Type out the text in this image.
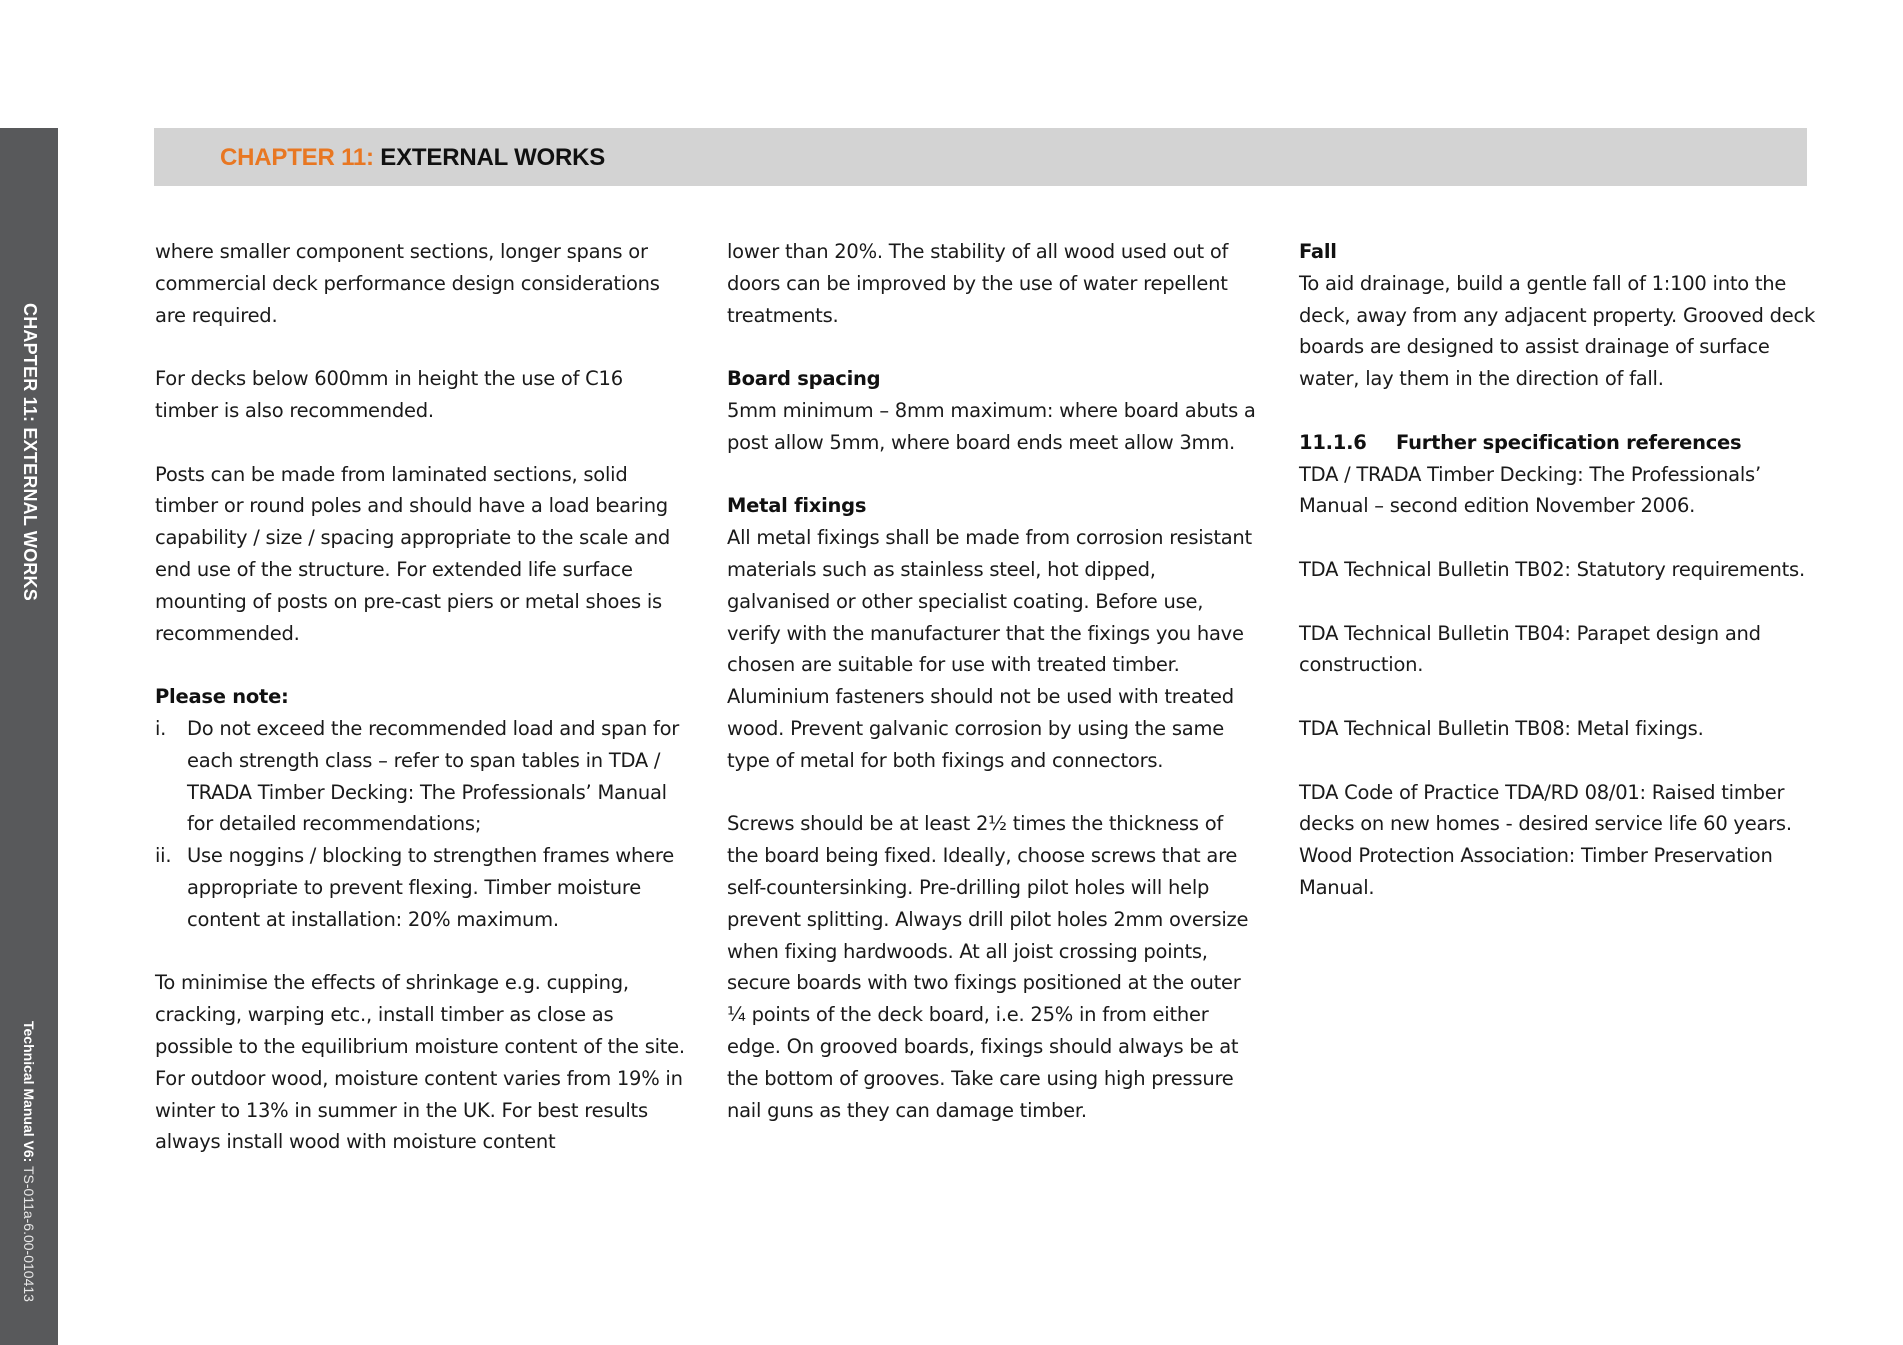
CHAPTER 11: EXTERNAL WORKS
Technical Manual V6: TS-011a-6.00-010413
CHAPTER 11: EXTERNAL WORKS

where smaller component sections, longer spans or commercial deck performance design considerations are required.

For decks below 600mm in height the use of C16 timber is also recommended.

Posts can be made from laminated sections, solid timber or round poles and should have a load bearing capability / size / spacing appropriate to the scale and end use of the structure. For extended life surface mounting of posts on pre-cast piers or metal shoes is recommended.

Please note:
i. Do not exceed the recommended load and span for each strength class – refer to span tables in TDA / TRADA Timber Decking: The Professionals’ Manual for detailed recommendations;
ii. Use noggins / blocking to strengthen frames where appropriate to prevent flexing. Timber moisture content at installation: 20% maximum.

To minimise the effects of shrinkage e.g. cupping, cracking, warping etc., install timber as close as possible to the equilibrium moisture content of the site. For outdoor wood, moisture content varies from 19% in winter to 13% in summer in the UK. For best results always install wood with moisture content

lower than 20%. The stability of all wood used out of doors can be improved by the use of water repellent treatments.

Board spacing

5mm minimum – 8mm maximum: where board abuts a post allow 5mm, where board ends meet allow 3mm.

Metal fixings

All metal fixings shall be made from corrosion resistant materials such as stainless steel, hot dipped, galvanised or other specialist coating. Before use, verify with the manufacturer that the fixings you have chosen are suitable for use with treated timber. Aluminium fasteners should not be used with treated wood. Prevent galvanic corrosion by using the same type of metal for both fixings and connectors.

Screws should be at least 2½ times the thickness of the board being fixed. Ideally, choose screws that are self-countersinking. Pre-drilling pilot holes will help prevent splitting. Always drill pilot holes 2mm oversize when fixing hardwoods. At all joist crossing points, secure boards with two fixings positioned at the outer ¼ points of the deck board, i.e. 25% in from either edge. On grooved boards, fixings should always be at the bottom of grooves. Take care using high pressure nail guns as they can damage timber.

Fall

To aid drainage, build a gentle fall of 1:100 into the deck, away from any adjacent property. Grooved deck boards are designed to assist drainage of surface water, lay them in the direction of fall.

11.1.6 Further specification references

TDA / TRADA Timber Decking: The Professionals’ Manual – second edition November 2006.

TDA Technical Bulletin TB02: Statutory requirements.

TDA Technical Bulletin TB04: Parapet design and construction.

TDA Technical Bulletin TB08: Metal fixings.

TDA Code of Practice TDA/RD 08/01: Raised timber decks on new homes - desired service life 60 years.

Wood Protection Association: Timber Preservation Manual.
